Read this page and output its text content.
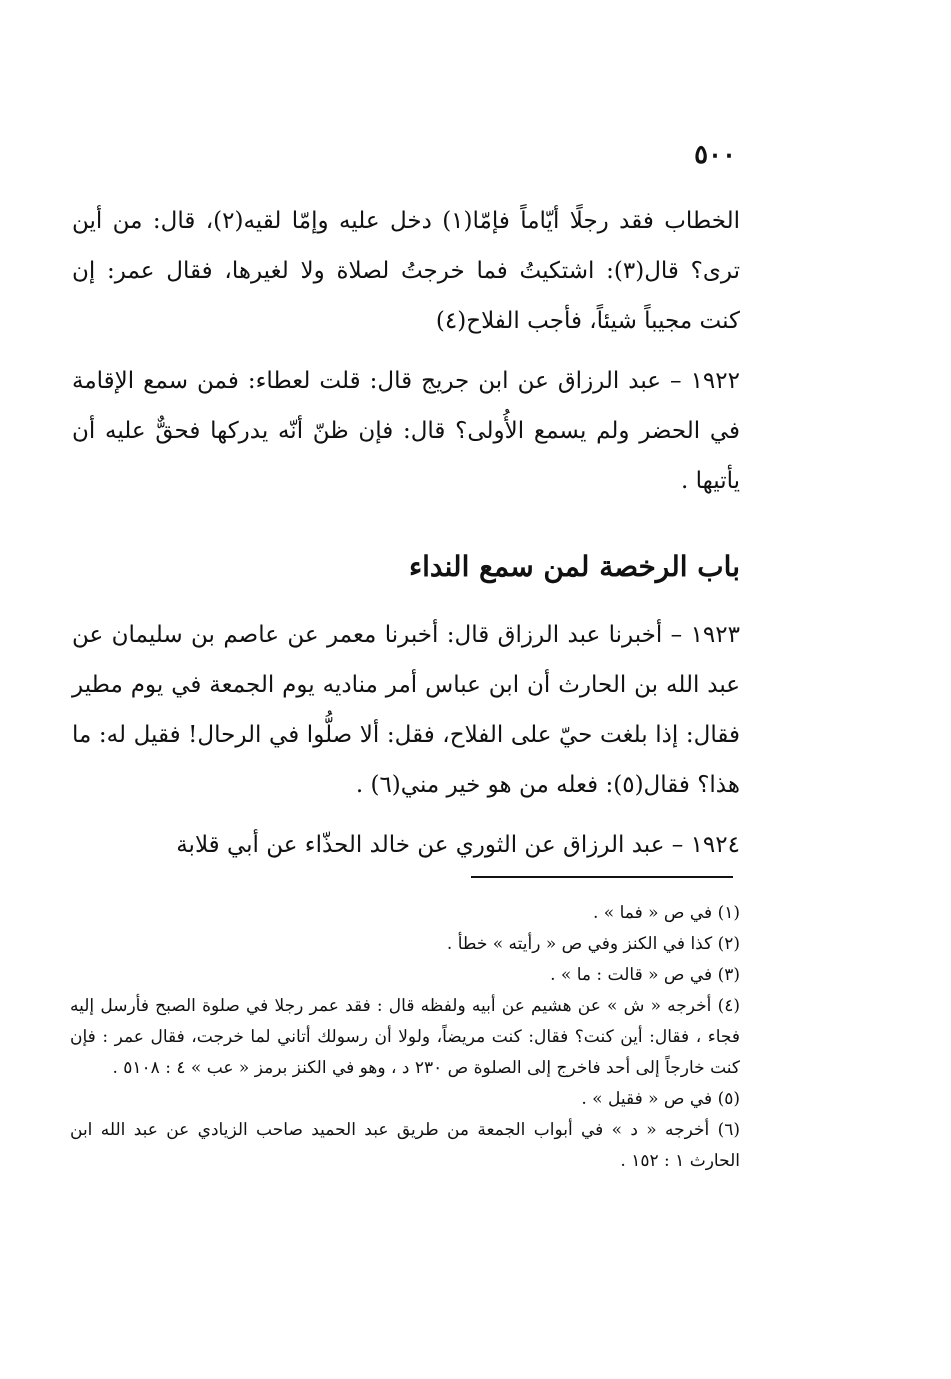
٥٠٠

الخطاب فقد رجلًا أيّاماً فإمّا(١) دخل عليه وإمّا لقيه(٢)، قال: من أين ترى؟ قال(٣): اشتكيتُ فما خرجتُ لصلاة ولا لغيرها، فقال عمر: إن كنت مجيباً شيئاً، فأجب الفلاح(٤)

١٩٢٢ – عبد الرزاق عن ابن جريج قال: قلت لعطاء: فمن سمع الإقامة في الحضر ولم يسمع الأُولى؟ قال: فإن ظنّ أنّه يدركها فحقٌّ عليه أن يأتيها .

باب الرخصة لمن سمع النداء

١٩٢٣ – أخبرنا عبد الرزاق قال: أخبرنا معمر عن عاصم بن سليمان عن عبد الله بن الحارث أن ابن عباس أمر مناديه يوم الجمعة في يوم مطير فقال: إذا بلغت حيّ على الفلاح، فقل: ألا صلُّوا في الرحال! فقيل له: ما هذا؟ فقال(٥): فعله من هو خير مني(٦) .

١٩٢٤ – عبد الرزاق عن الثوري عن خالد الحذّاء عن أبي قلابة

(١) في ص « فما » .

(٢) كذا في الكنز وفي ص « رأيته » خطأ .

(٣) في ص « قالت : ما » .

(٤) أخرجه « ش » عن هشيم عن أبيه ولفظه قال : فقد عمر رجلا في صلوة الصبح فأرسل إليه فجاء ، فقال: أين كنت؟ فقال: كنت مريضاً، ولولا أن رسولك أتاني لما خرجت، فقال عمر : فإن كنت خارجاً إلى أحد فاخرج إلى الصلوة ص ٢٣٠ د ، وهو في الكنز برمز « عب » ٤ : ٥١٠٨ .

(٥) في ص « فقيل » .

(٦) أخرجه « د » في أبواب الجمعة من طريق عبد الحميد صاحب الزيادي عن عبد الله ابن الحارث ١ : ١٥٢ .
